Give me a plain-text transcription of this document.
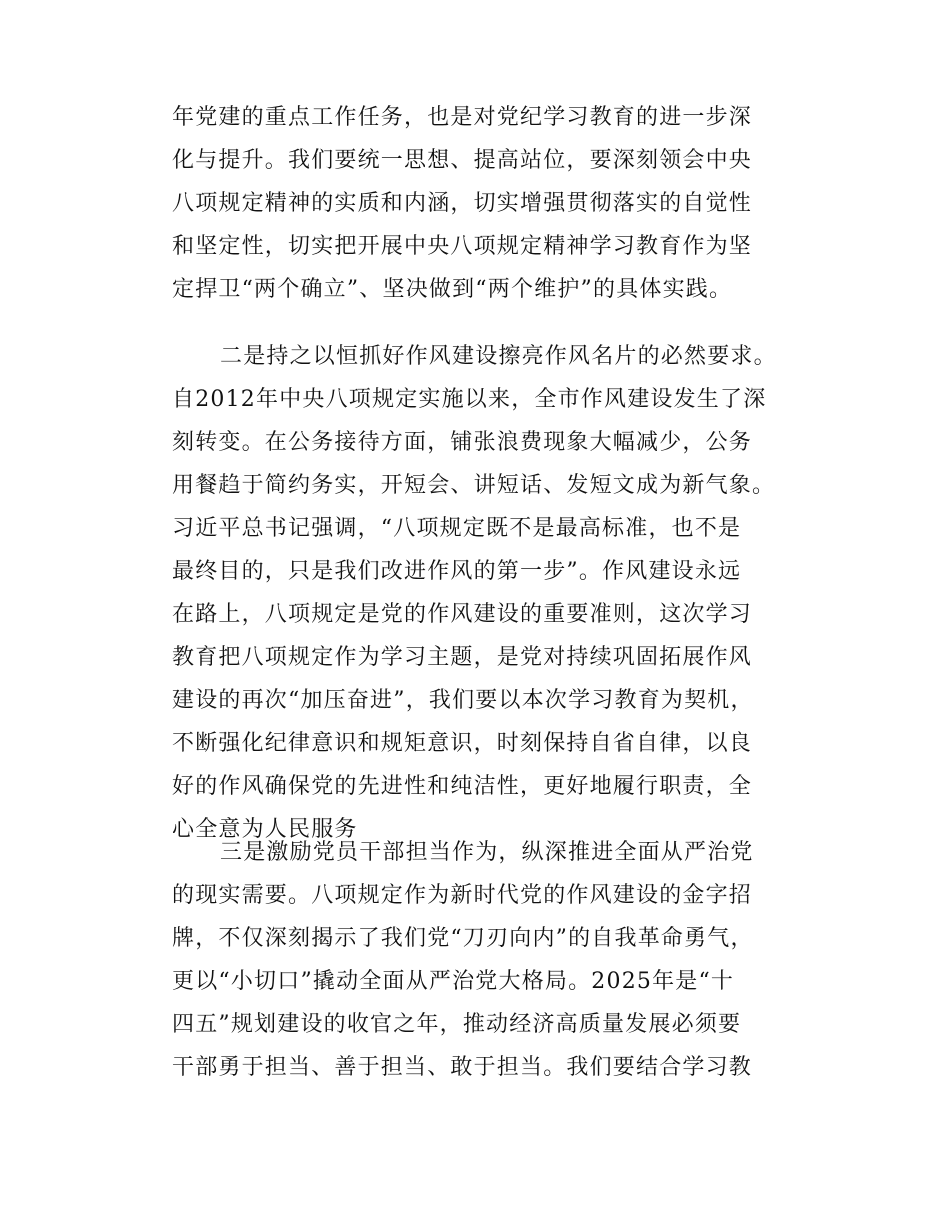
年党建的重点工作任务，也是对党纪学习教育的进一步深
化与提升。我们要统一思想、提高站位，要深刻领会中央
八项规定精神的实质和内涵，切实增强贯彻落实的自觉性
和坚定性，切实把开展中央八项规定精神学习教育作为坚
定捍卫“两个确立”、坚决做到“两个维护”的具体实践。
二是持之以恒抓好作风建设擦亮作风名片的必然要求。
自2012年中央八项规定实施以来，全市作风建设发生了深
刻转变。在公务接待方面，铺张浪费现象大幅减少，公务
用餐趋于简约务实，开短会、讲短话、发短文成为新气象。
习近平总书记强调，“八项规定既不是最高标准，也不是
最终目的，只是我们改进作风的第一步”。作风建设永远
在路上，八项规定是党的作风建设的重要准则，这次学习
教育把八项规定作为学习主题，是党对持续巩固拓展作风
建设的再次“加压奋进”，我们要以本次学习教育为契机，
不断强化纪律意识和规矩意识，时刻保持自省自律，以良
好的作风确保党的先进性和纯洁性，更好地履行职责，全
心全意为人民服务
三是激励党员干部担当作为，纵深推进全面从严治党
的现实需要。八项规定作为新时代党的作风建设的金字招
牌，不仅深刻揭示了我们党“刀刃向内”的自我革命勇气，
更以“小切口”撬动全面从严治党大格局。2025年是“十
四五”规划建设的收官之年，推动经济高质量发展必须要
干部勇于担当、善于担当、敢于担当。我们要结合学习教
